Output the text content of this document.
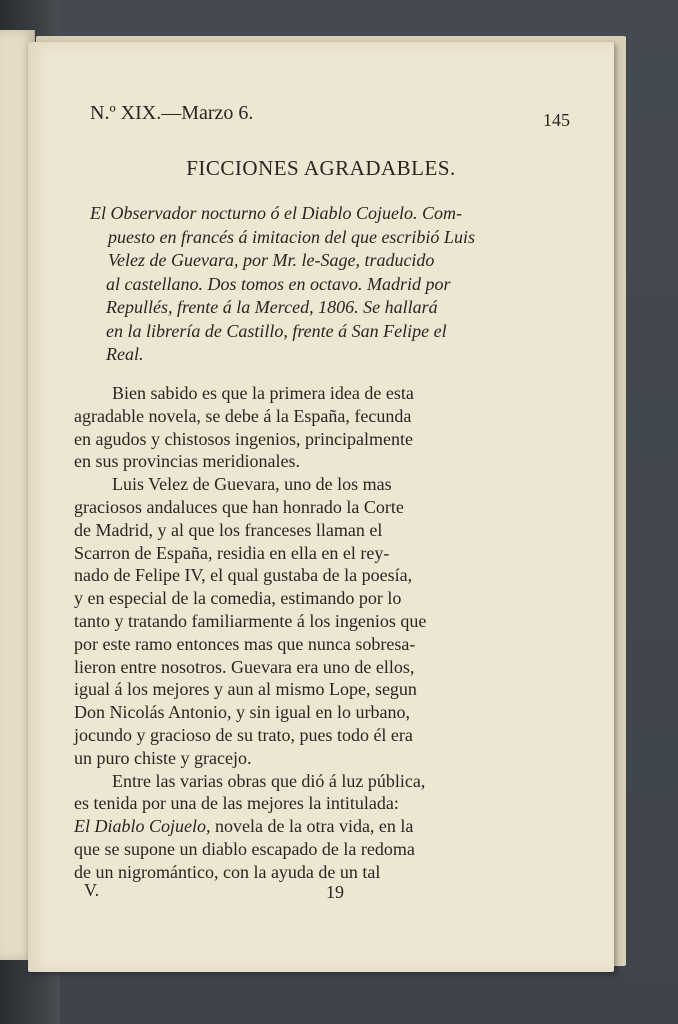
N.º XIX.—Marzo 6.	145
FICCIONES AGRADABLES.
El Observador nocturno ó el Diablo Cojuelo. Com-
puesto en francés á imitacion del que escribió Luis
Velez de Guevara, por Mr. le-Sage, traducido
al castellano. Dos tomos en octavo. Madrid por
Repullés, frente á la Merced, 1806. Se hallará
en la librería de Castillo, frente á San Felipe el
Real.
Bien sabido es que la primera idea de esta
agradable novela, se debe á la España, fecunda
en agudos y chistosos ingenios, principalmente
en sus provincias meridionales.
Luis Velez de Guevara, uno de los mas
graciosos andaluces que han honrado la Corte
de Madrid, y al que los franceses llaman el
Scarron de España, residia en ella en el rey-
nado de Felipe IV, el qual gustaba de la poesía,
y en especial de la comedia, estimando por lo
tanto y tratando familiarmente á los ingenios que
por este ramo entonces mas que nunca sobresa-
lieron entre nosotros. Guevara era uno de ellos,
igual á los mejores y aun al mismo Lope, segun
Don Nicolás Antonio, y sin igual en lo urbano,
jocundo y gracioso de su trato, pues todo él era
un puro chiste y gracejo.
Entre las varias obras que dió á luz pública,
es tenida por una de las mejores la intitulada:
El Diablo Cojuelo, novela de la otra vida, en la
que se supone un diablo escapado de la redoma
de un nigromántico, con la ayuda de un tal
V.	19
